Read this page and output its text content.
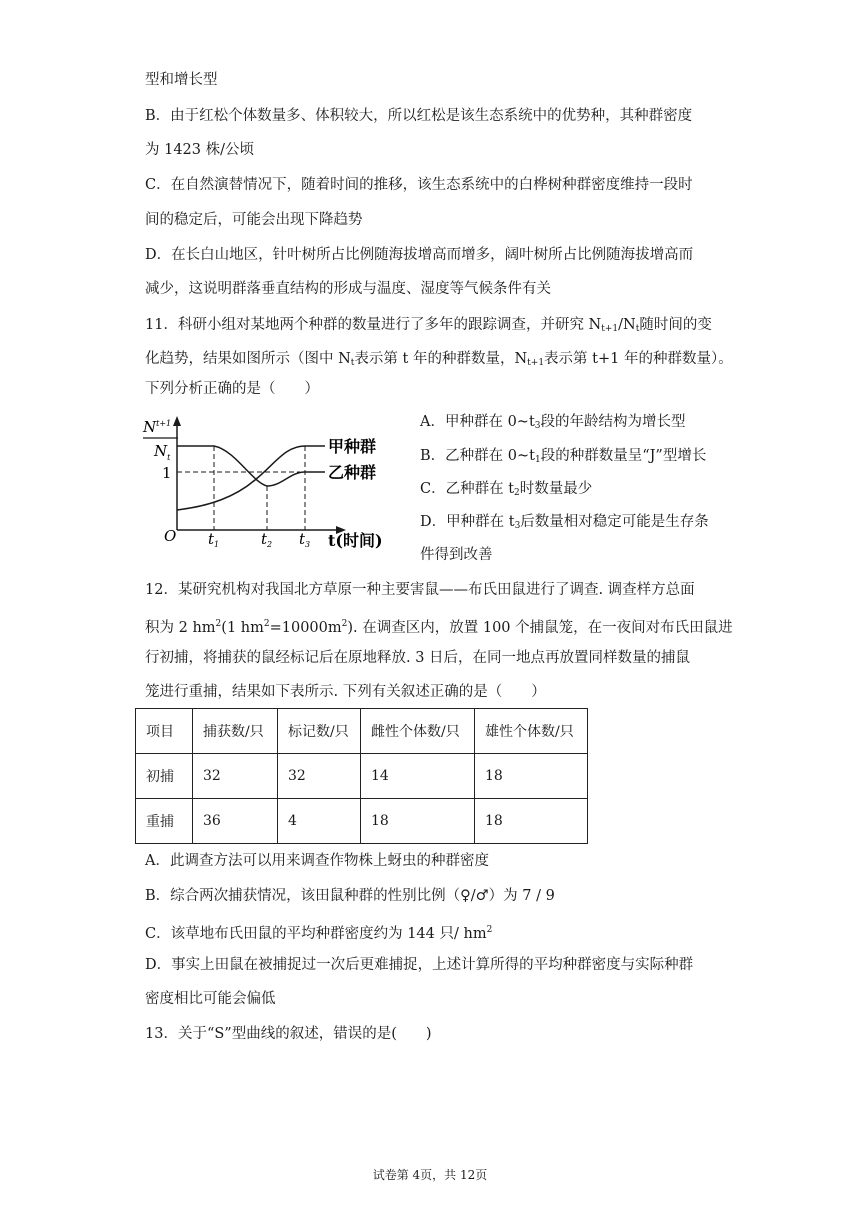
型和增长型
B．由于红松个体数量多、体积较大，所以红松是该生态系统中的优势种，其种群密度
为 1423 株/公顷
C．在自然演替情况下，随着时间的推移，该生态系统中的白桦树种群密度维持一段时
间的稳定后，可能会出现下降趋势
D．在长白山地区，针叶树所占比例随海拔增高而增多，阔叶树所占比例随海拔增高而
减少，这说明群落垂直结构的形成与温度、湿度等气候条件有关
11．科研小组对某地两个种群的数量进行了多年的跟踪调查，并研究 $N_{t+1}/N_t$随时间的变
化趋势，结果如图所示（图中 $N_t$表示第 t 年的种群数量，$N_{t+1}$表示第 t+1 年的种群数量）。
下列分析正确的是（　　）
$N^{t+1}$
$N_t$
1
O
甲种群
乙种群
$t_1$	$t_2$ $t_3$ t(时间)
A．甲种群在 $0\sim t_3$段的年龄结构为增长型
B．乙种群在 $0\sim t_1$段的种群数量呈“J”型增长
C．乙种群在 $t_2$时数量最少
D．甲种群在 $t_3$后数量相对稳定可能是生存条
件得到改善
12．某研究机构对我国北方草原一种主要害鼠——布氏田鼠进行了调查. 调查样方总面
积为 2 $hm^2(1$ $hm^2=10000m^2$). 在调查区内，放置 100 个捕鼠笼，在一夜间对布氏田鼠进
行初捕，将捕获的鼠经标记后在原地释放. 3 日后，在同一地点再放置同样数量的捕鼠
笼进行重捕，结果如下表所示. 下列有关叙述正确的是（　　）
项目	捕获数/只	标记数/只	雌性个体数/只	雄性个体数/只
初捕	32	32	14	18
重捕	36	4	18	18
A．此调查方法可以用来调查作物株上蚜虫的种群密度
B．综合两次捕获情况，该田鼠种群的性别比例（♀/♂）为 7 / 9
C．该草地布氏田鼠的平均种群密度约为 144 只/ $hm^2$
D．事实上田鼠在被捕捉过一次后更难捕捉，上述计算所得的平均种群密度与实际种群
密度相比可能会偏低
13．关于“S”型曲线的叙述，错误的是(　　)
试卷第 4页，共 12页
